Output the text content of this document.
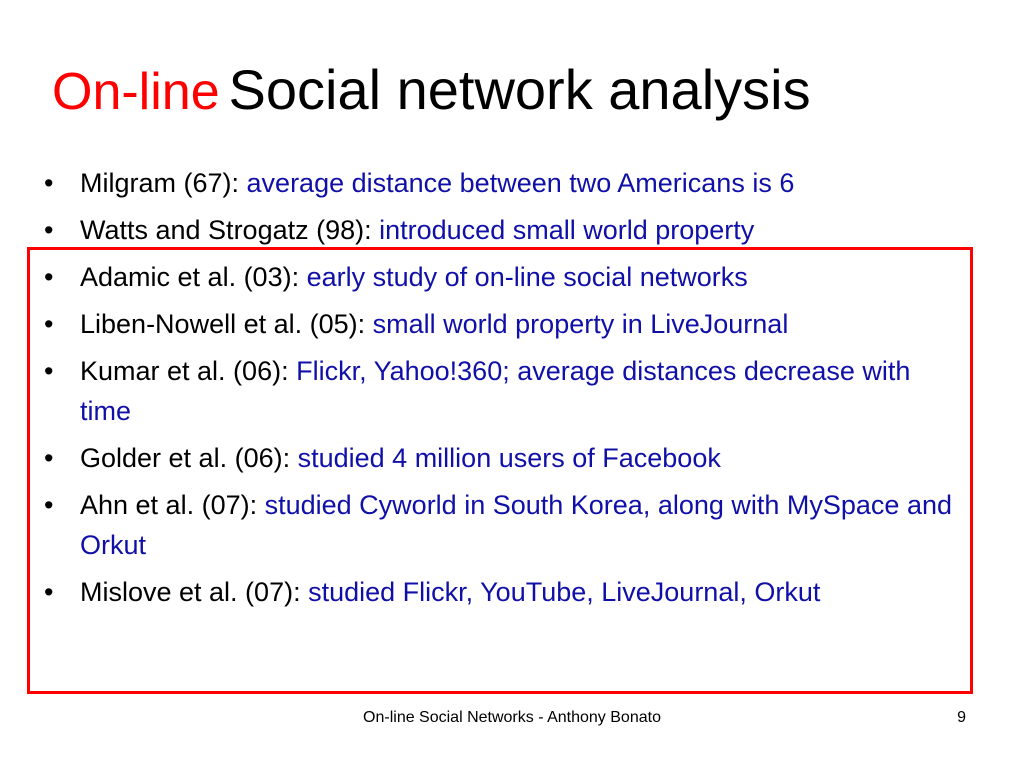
On-line Social network analysis
• Milgram (67): average distance between two Americans is 6
• Watts and Strogatz (98): introduced small world property
• Adamic et al. (03): early study of on-line social networks
• Liben-Nowell et al. (05): small world property in LiveJournal
• Kumar et al. (06): Flickr, Yahoo!360; average distances decrease with time
• Golder et al. (06): studied 4 million users of Facebook
• Ahn et al. (07): studied Cyworld in South Korea, along with MySpace and Orkut
• Mislove et al. (07): studied Flickr, YouTube, LiveJournal, Orkut
On-line Social Networks - Anthony Bonato	9
